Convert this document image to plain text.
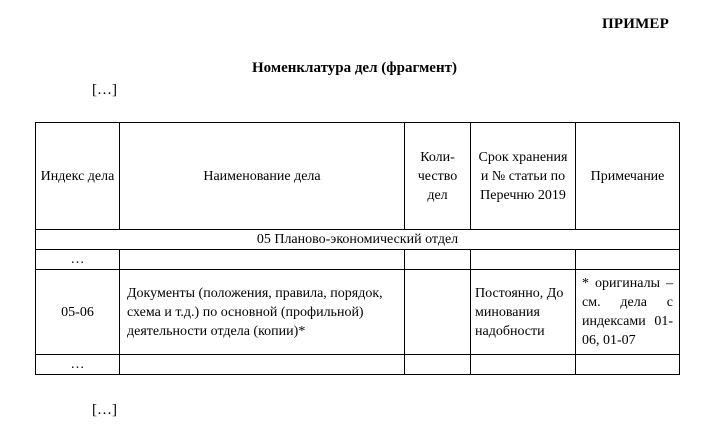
ПРИМЕР
Номенклатура дел (фрагмент)
[…]
Индекс дела	Наименование дела	Коли-чество дел	Срок хранения и № статьи по Перечню 2019	Примечание
05 Планово-экономический отдел				
…				
05-06	Документы (положения, правила, порядок, схема и т.д.) по основной (профильной) деятельности отдела (копии)*		Постоянно, До минования надобности	* оригиналы – см. дела с индексами 01-06, 01-07
…				
[…]
